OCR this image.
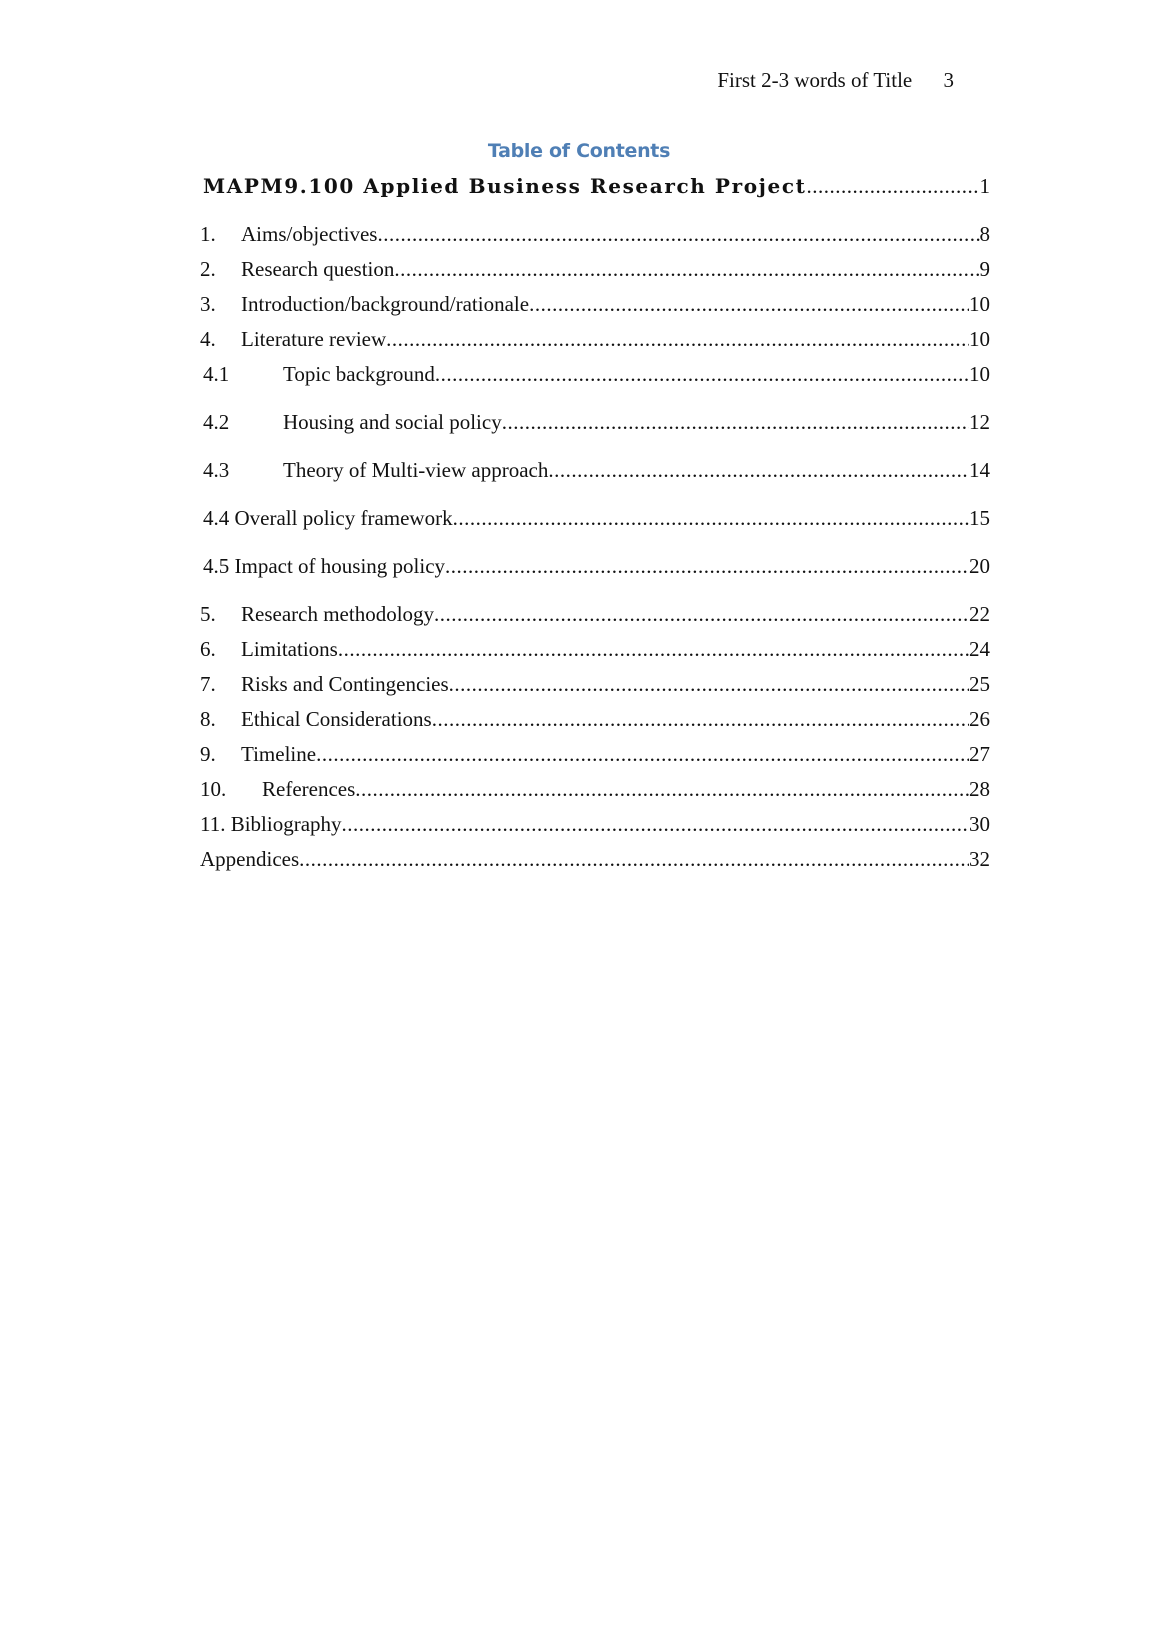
First 2-3 words of Title 3
Table of Contents
MAPM9.100 Applied Business Research Project .....	1
1. Aims/objectives .....	8
2. Research question .....	9
3. Introduction/background/rationale .....	10
4. Literature review .....	10
4.1	Topic background .....	10
4.2	Housing and social policy .....	12
4.3	Theory of Multi-view approach .....	14
4.4 Overall policy framework .....	15
4.5 Impact of housing policy .....	20
5. Research methodology .....	22
6. Limitations .....	24
7. Risks and Contingencies .....	25
8. Ethical Considerations .....	26
9. Timeline .....	27
10. References .....	28
11. Bibliography .....	30
Appendices .....	32
